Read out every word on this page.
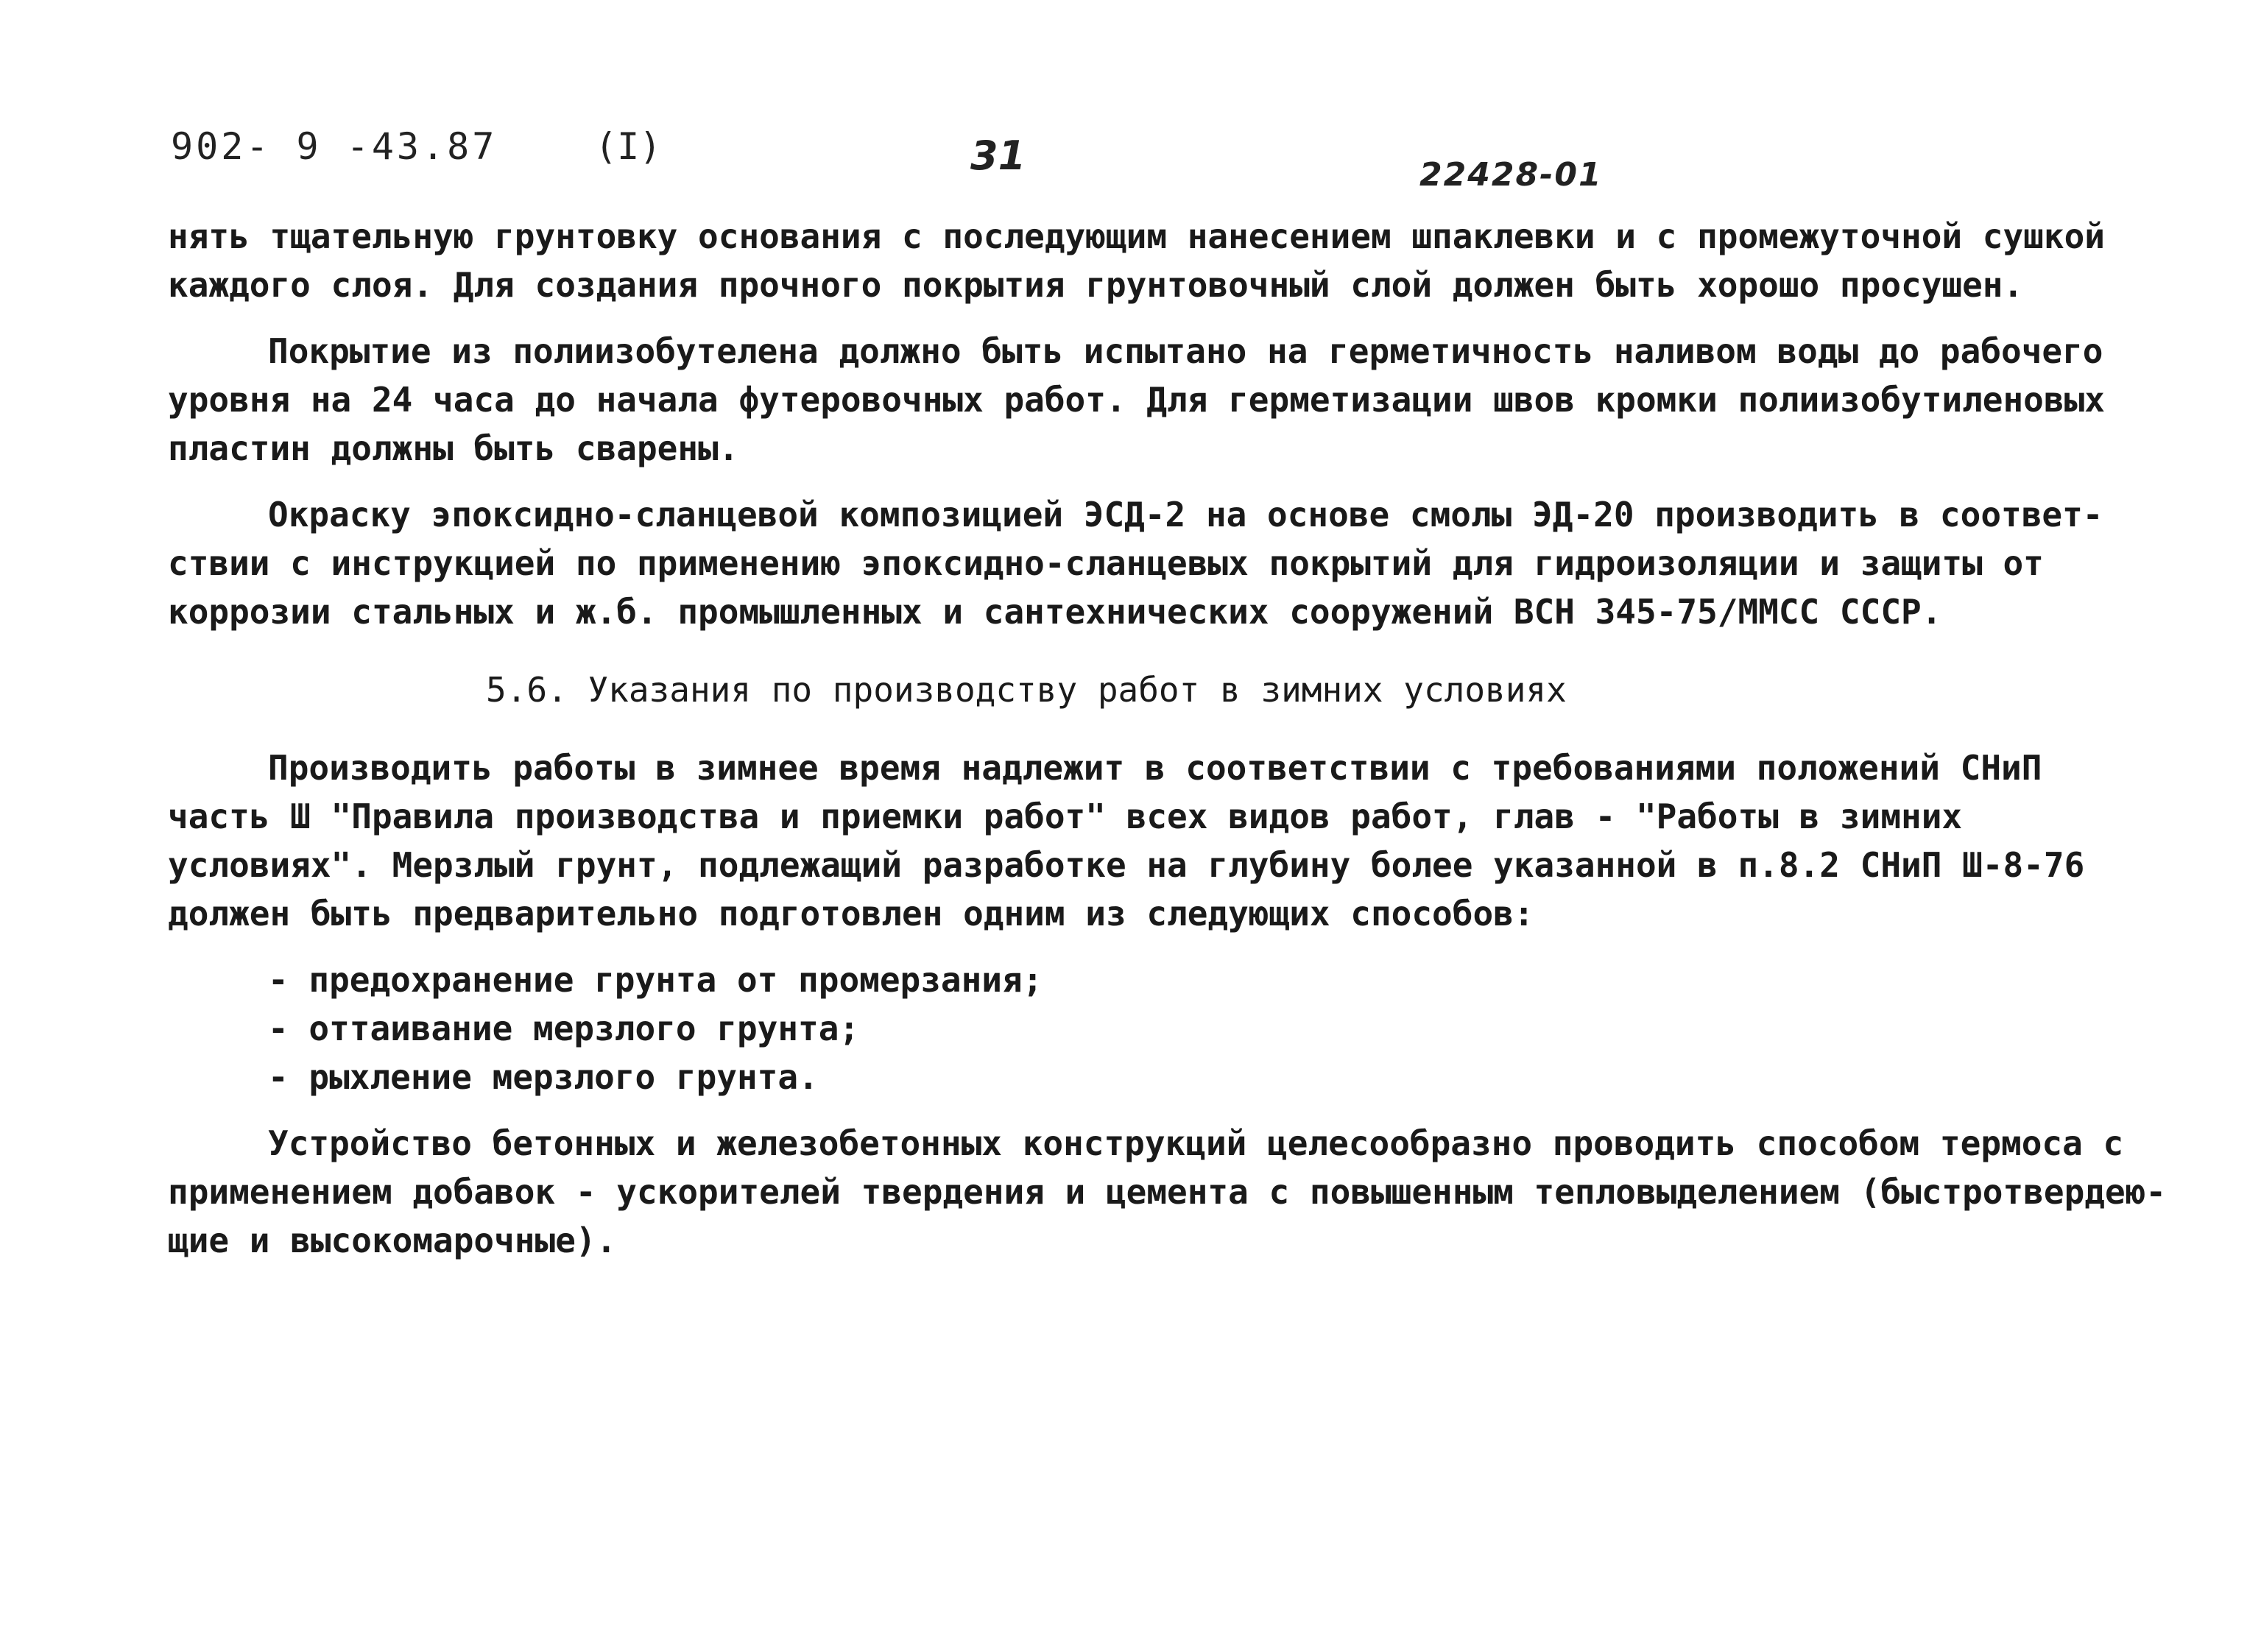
902- 9 -43.87	(I)	31	22428-01

нять тщательную грунтовку основания с последующим нанесением шпаклевки и с промежуточной сушкой

каждого слоя. Для создания прочного покрытия грунтовочный слой должен быть хорошо просушен.

Покрытие из полиизобутелена должно быть испытано на герметичность наливом воды до рабочего

уровня на 24 часа до начала футеровочных работ. Для герметизации швов кромки полиизобутиленовых

пластин должны быть сварены.

Окраску эпоксидно-сланцевой композицией ЭСД-2 на основе смолы ЭД-20 производить в соответ-

ствии с инструкцией по применению эпоксидно-сланцевых покрытий для гидроизоляции и защиты от

коррозии стальных и ж.б. промышленных и сантехнических сооружений ВСН 345-75/ММСС СССР.

5.6. Указания по производству работ в зимних условиях

Производить работы в зимнее время надлежит в соответствии с требованиями положений СНиП

часть Ш "Правила производства и приемки работ" всех видов работ, глав - "Работы в зимних

условиях". Мерзлый грунт, подлежащий разработке на глубину более указанной в п.8.2 СНиП Ш-8-76

должен быть предварительно подготовлен одним из следующих способов:

- предохранение грунта от промерзания;

- оттаивание мерзлого грунта;

- рыхление мерзлого грунта.

Устройство бетонных и железобетонных конструкций целесообразно проводить способом термоса с

применением добавок - ускорителей твердения и цемента с повышенным тепловыделением (быстротвердею-

щие и высокомарочные).
